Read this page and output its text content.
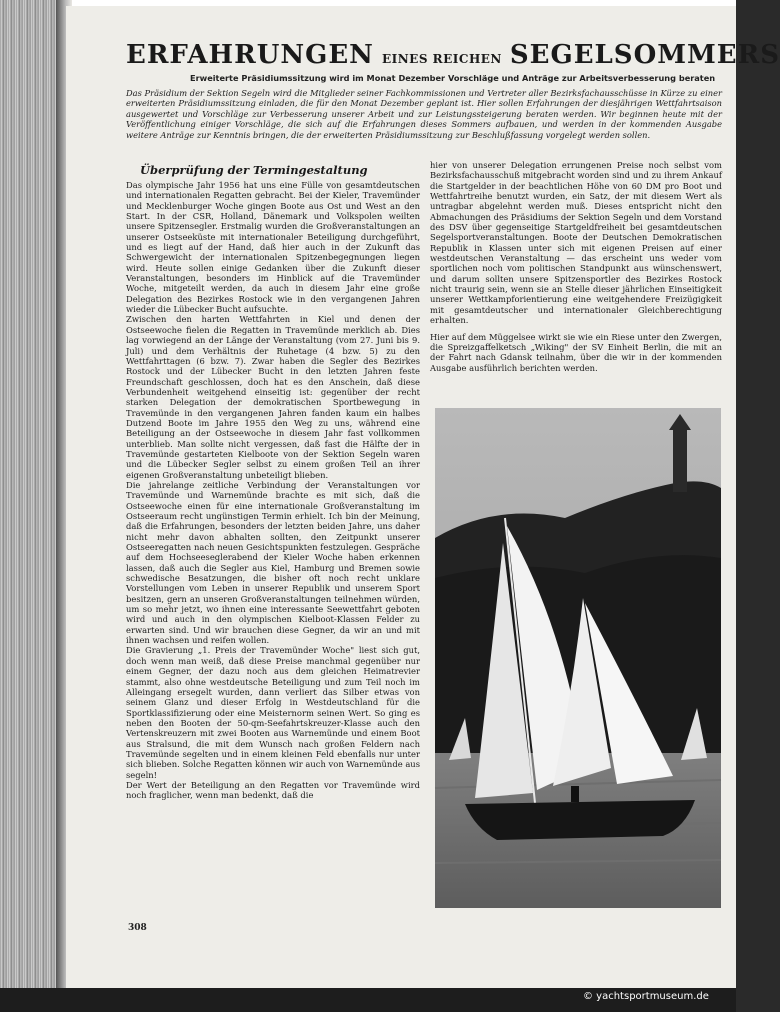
ERFAHRUNGEN EINES REICHEN SEGELSOMMERS
Erweiterte Präsidiumssitzung wird im Monat Dezember Vorschläge und Anträge zur Arbeitsverbesserung beraten
Das Präsidium der Sektion Segeln wird die Mitglieder seiner Fachkommissionen und Vertreter aller Bezirksfachausschüsse in Kürze zu einer erweiterten Präsidiumssitzung einladen, die für den Monat Dezember geplant ist. Hier sollen Erfahrungen der diesjährigen Wettfahrtsaison ausgewertet und Vorschläge zur Verbesserung unserer Arbeit und zur Leistungssteigerung beraten werden. Wir beginnen heute mit der Veröffentlichung einiger Vorschläge, die sich auf die Erfahrungen dieses Sommers aufbauen, und werden in der kommenden Ausgabe weitere Anträge zur Kenntnis bringen, die der erweiterten Präsidiumssitzung zur Beschlußfassung vorgelegt werden sollen.
Überprüfung der Termingestaltung

Das olympische Jahr 1956 hat uns eine Fülle von gesamtdeutschen und internationalen Regatten gebracht. Bei der Kieler, Travemünder und Mecklenburger Woche gingen Boote aus Ost und West an den Start. In der CSR, Holland, Dänemark und Volkspolen weilten unsere Spitzensegler. Erstmalig wurden die Großveranstaltungen an unserer Ostseeküste mit internationaler Beteiligung durchgeführt, und es liegt auf der Hand, daß hier auch in der Zukunft das Schwergewicht der internationalen Spitzenbegegnungen liegen wird. Heute sollen einige Gedanken über die Zukunft dieser Veranstaltungen, besonders im Hinblick auf die Travemünder Woche, mitgeteilt werden, da auch in diesem Jahr eine große Delegation des Bezirkes Rostock wie in den vergangenen Jahren wieder die Lübecker Bucht aufsuchte.

Zwischen den harten Wettfahrten in Kiel und denen der Ostseewoche fielen die Regatten in Travemünde merklich ab. Dies lag vorwiegend an der Länge der Veranstaltung (vom 27. Juni bis 9. Juli) und dem Verhältnis der Ruhetage (4 bzw. 5) zu den Wettfahrttagen (6 bzw. 7). Zwar haben die Segler des Bezirkes Rostock und der Lübecker Bucht in den letzten Jahren feste Freundschaft geschlossen, doch hat es den Anschein, daß diese Verbundenheit weitgehend einseitig ist: gegenüber der recht starken Delegation der demokratischen Sportbewegung in Travemünde in den vergangenen Jahren fanden kaum ein halbes Dutzend Boote im Jahre 1955 den Weg zu uns, während eine Beteiligung an der Ostseewoche in diesem Jahr fast vollkommen unterblieb. Man sollte nicht vergessen, daß fast die Hälfte der in Travemünde gestarteten Kielboote von der Sektion Segeln waren und die Lübecker Segler selbst zu einem großen Teil an ihrer eigenen Großveranstaltung unbeteiligt blieben.

Die jahrelange zeitliche Verbindung der Veranstaltungen vor Travemünde und Warnemünde brachte es mit sich, daß die Ostseewoche einen für eine internationale Großveranstaltung im Ostseeraum recht ungünstigen Termin erhielt. Ich bin der Meinung, daß die Erfahrungen, besonders der letzten beiden Jahre, uns daher nicht mehr davon abhalten sollten, den Zeitpunkt unserer Ostseeregatten nach neuen Gesichtspunkten festzulegen. Gespräche auf dem Hochseeseglerabend der Kieler Woche haben erkennen lassen, daß auch die Segler aus Kiel, Hamburg und Bremen sowie schwedische Besatzungen, die bisher oft noch recht unklare Vorstellungen vom Leben in unserer Republik und unserem Sport besitzen, gern an unseren Großveranstaltungen teilnehmen würden, um so mehr jetzt, wo ihnen eine interessante Seewettfahrt geboten wird und auch in den olympischen Kielboot-Klassen Felder zu erwarten sind. Und wir brauchen diese Gegner, da wir an und mit ihnen wachsen und reifen wollen.

Die Gravierung „1. Preis der Travemünder Woche" liest sich gut, doch wenn man weiß, daß diese Preise manchmal gegenüber nur einem Gegner, der dazu noch aus dem gleichen Heimatrevier stammt, also ohne westdeutsche Beteiligung und zum Teil noch im Alleingang ersegelt wurden, dann verliert das Silber etwas von seinem Glanz und dieser Erfolg in Westdeutschland für die Sportklassifizierung oder eine Meisternorm seinen Wert. So ging es neben den Booten der 50-qm-Seefahrtskreuzer-Klasse auch den Vertenskreuzern mit zwei Booten aus Warnemünde und einem Boot aus Stralsund, die mit dem Wunsch nach großen Feldern nach Travemünde segelten und in einem kleinen Feld ebenfalls nur unter sich blieben. Solche Regatten können wir auch von Warnemünde aus segeln!

Der Wert der Beteiligung an den Regatten vor Travemünde wird noch fraglicher, wenn man bedenkt, daß die

hier von unserer Delegation errungenen Preise noch selbst vom Bezirksfachausschuß mitgebracht worden sind und zu ihrem Ankauf die Startgelder in der beachtlichen Höhe von 60 DM pro Boot und Wettfahrtreihe benutzt wurden, ein Satz, der mit diesem Wert als untragbar abgelehnt werden muß. Dieses entspricht nicht den Abmachungen des Präsidiums der Sektion Segeln und dem Vorstand des DSV über gegenseitige Startgeldfreiheit bei gesamtdeutschen Segelsportveranstaltungen. Boote der Deutschen Demokratischen Republik in Klassen unter sich mit eigenen Preisen auf einer westdeutschen Veranstaltung — das erscheint uns weder vom sportlichen noch vom politischen Standpunkt aus wünschenswert, und darum sollten unsere Spitzensportler des Bezirkes Rostock nicht traurig sein, wenn sie an Stelle dieser jährlichen Einseitigkeit unserer Wettkampforientierung eine weitgehendere Freizügigkeit mit gesamtdeutscher und internationaler Gleichberechtigung erhalten.

Hier auf dem Müggelsee wirkt sie wie ein Riese unter den Zwergen, die Spreizgaffelketsch „Wiking" der SV Einheit Berlin, die mit an der Fahrt nach Gdansk teilnahm, über die wir in der kommenden Ausgabe ausführlich berichten werden.

308
© yachtsportmuseum.de
